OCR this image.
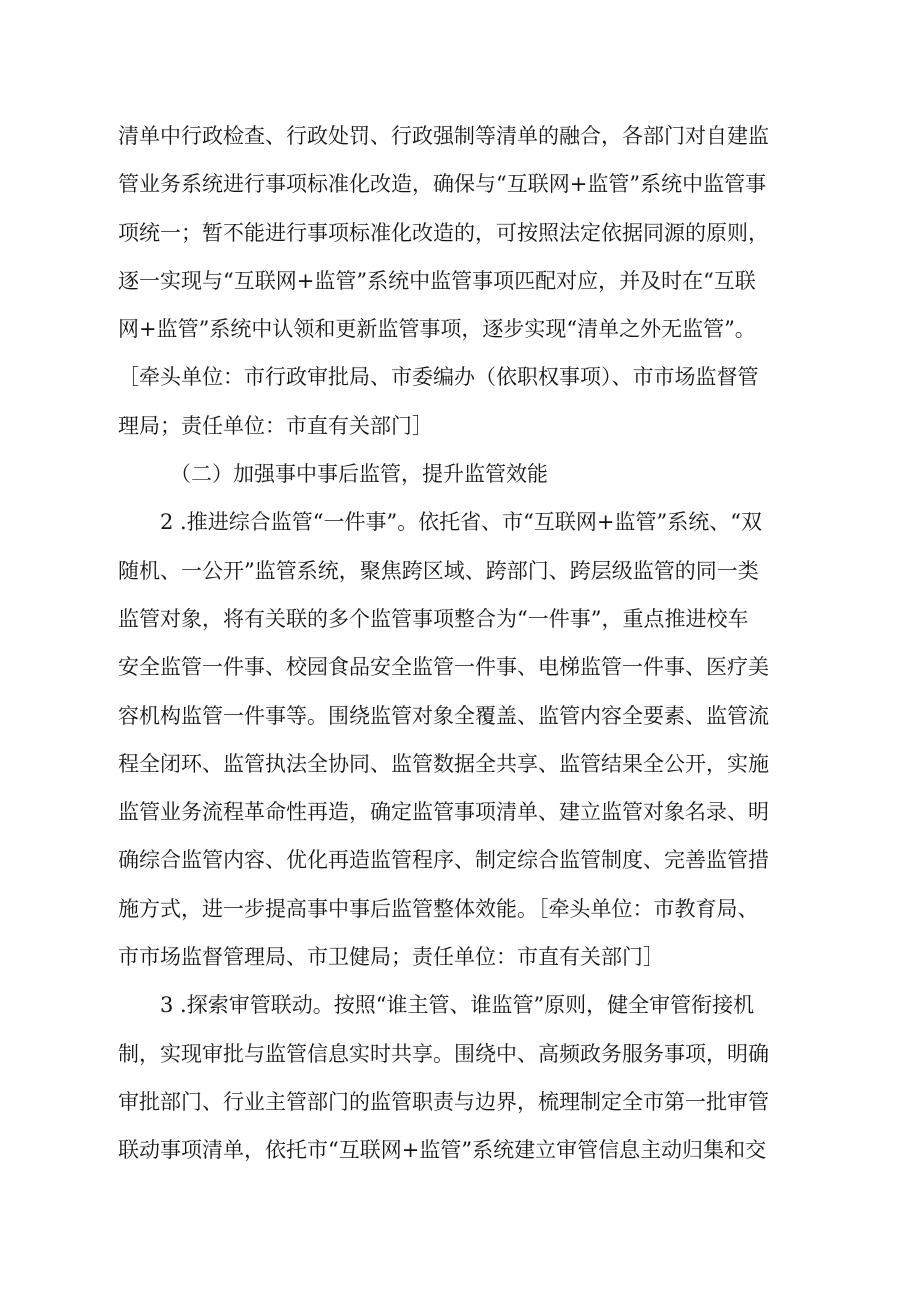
清单中行政检查、行政处罚、行政强制等清单的融合，各部门对自建监
管业务系统进行事项标准化改造，确保与“互联网+监管”系统中监管事
项统一；暂不能进行事项标准化改造的，可按照法定依据同源的原则，
逐一实现与“互联网+监管”系统中监管事项匹配对应，并及时在“互联
网+监管”系统中认领和更新监管事项，逐步实现“清单之外无监管”。
［牵头单位：市行政审批局、市委编办（依职权事项）、市市场监督管
理局；责任单位：市直有关部门］
（二）加强事中事后监管，提升监管效能
2 .推进综合监管“一件事”。依托省、市“互联网+监管”系统、“双
随机、一公开”监管系统，聚焦跨区域、跨部门、跨层级监管的同一类
监管对象，将有关联的多个监管事项整合为“一件事”，重点推进校车
安全监管一件事、校园食品安全监管一件事、电梯监管一件事、医疗美
容机构监管一件事等。围绕监管对象全覆盖、监管内容全要素、监管流
程全闭环、监管执法全协同、监管数据全共享、监管结果全公开，实施
监管业务流程革命性再造，确定监管事项清单、建立监管对象名录、明
确综合监管内容、优化再造监管程序、制定综合监管制度、完善监管措
施方式，进一步提高事中事后监管整体效能。［牵头单位：市教育局、
市市场监督管理局、市卫健局；责任单位：市直有关部门］
3 .探索审管联动。按照“谁主管、谁监管”原则，健全审管衔接机
制，实现审批与监管信息实时共享。围绕中、高频政务服务事项，明确
审批部门、行业主管部门的监管职责与边界，梳理制定全市第一批审管
联动事项清单，依托市“互联网+监管”系统建立审管信息主动归集和交
